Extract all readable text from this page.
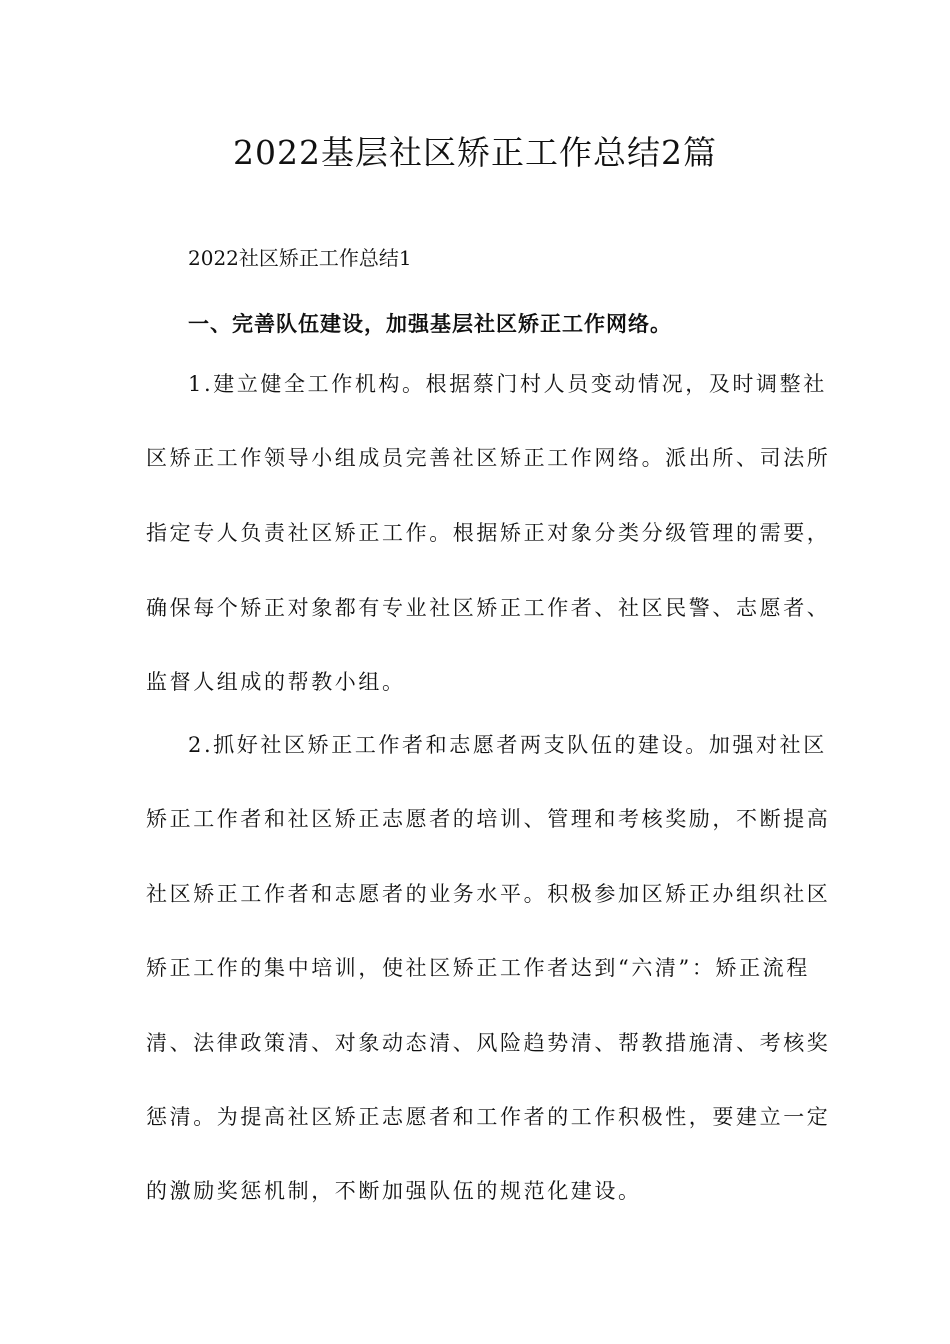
2022基层社区矫正工作总结2篇

2022社区矫正工作总结1

一、完善队伍建设，加强基层社区矫正工作网络。

1.建立健全工作机构。根据蔡门村人员变动情况，及时调整社

区矫正工作领导小组成员完善社区矫正工作网络。派出所、司法所

指定专人负责社区矫正工作。根据矫正对象分类分级管理的需要，

确保每个矫正对象都有专业社区矫正工作者、社区民警、志愿者、

监督人组成的帮教小组。

2.抓好社区矫正工作者和志愿者两支队伍的建设。加强对社区

矫正工作者和社区矫正志愿者的培训、管理和考核奖励，不断提高

社区矫正工作者和志愿者的业务水平。积极参加区矫正办组织社区

矫正工作的集中培训，使社区矫正工作者达到“六清”：矫正流程

清、法律政策清、对象动态清、风险趋势清、帮教措施清、考核奖

惩清。为提高社区矫正志愿者和工作者的工作积极性，要建立一定

的激励奖惩机制，不断加强队伍的规范化建设。
